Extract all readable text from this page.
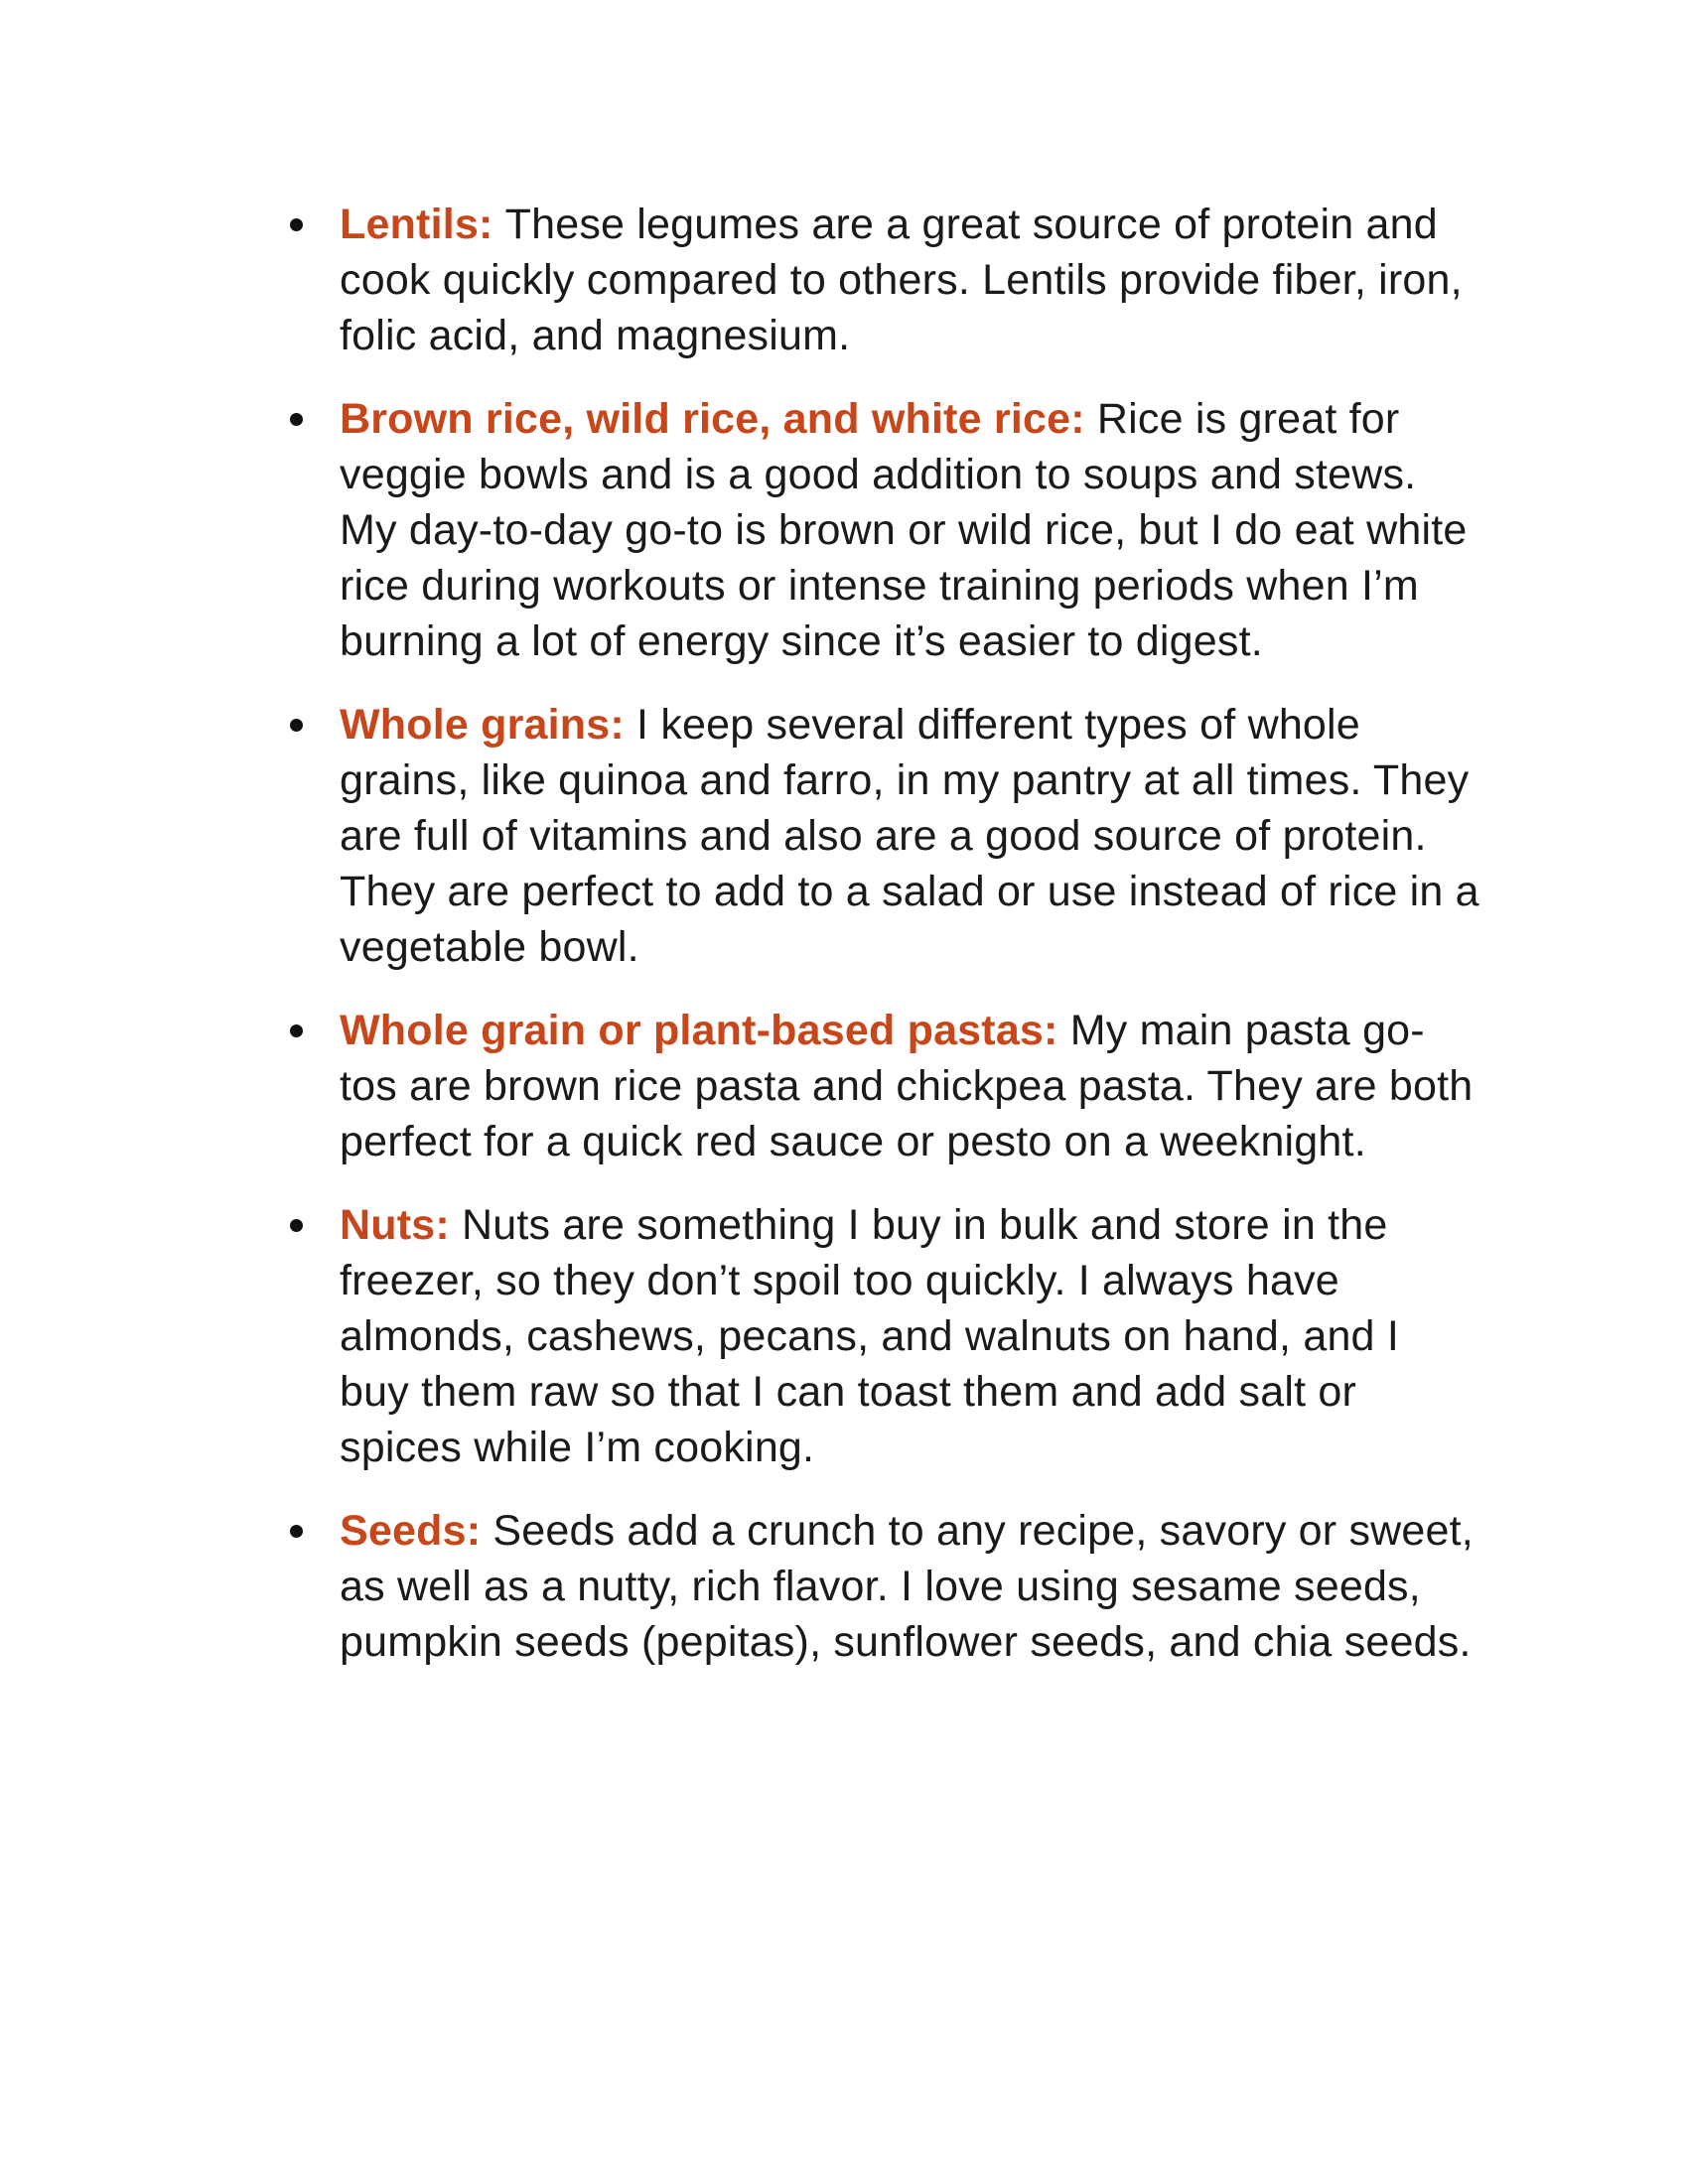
Lentils: These legumes are a great source of protein and cook quickly compared to others. Lentils provide fiber, iron, folic acid, and magnesium.
Brown rice, wild rice, and white rice: Rice is great for veggie bowls and is a good addition to soups and stews. My day-to-day go-to is brown or wild rice, but I do eat white rice during workouts or intense training periods when I’m burning a lot of energy since it’s easier to digest.
Whole grains: I keep several different types of whole grains, like quinoa and farro, in my pantry at all times. They are full of vitamins and also are a good source of protein. They are perfect to add to a salad or use instead of rice in a vegetable bowl.
Whole grain or plant-based pastas: My main pasta go-tos are brown rice pasta and chickpea pasta. They are both perfect for a quick red sauce or pesto on a weeknight.
Nuts: Nuts are something I buy in bulk and store in the freezer, so they don’t spoil too quickly. I always have almonds, cashews, pecans, and walnuts on hand, and I buy them raw so that I can toast them and add salt or spices while I’m cooking.
Seeds: Seeds add a crunch to any recipe, savory or sweet, as well as a nutty, rich flavor. I love using sesame seeds, pumpkin seeds (pepitas), sunflower seeds, and chia seeds.
